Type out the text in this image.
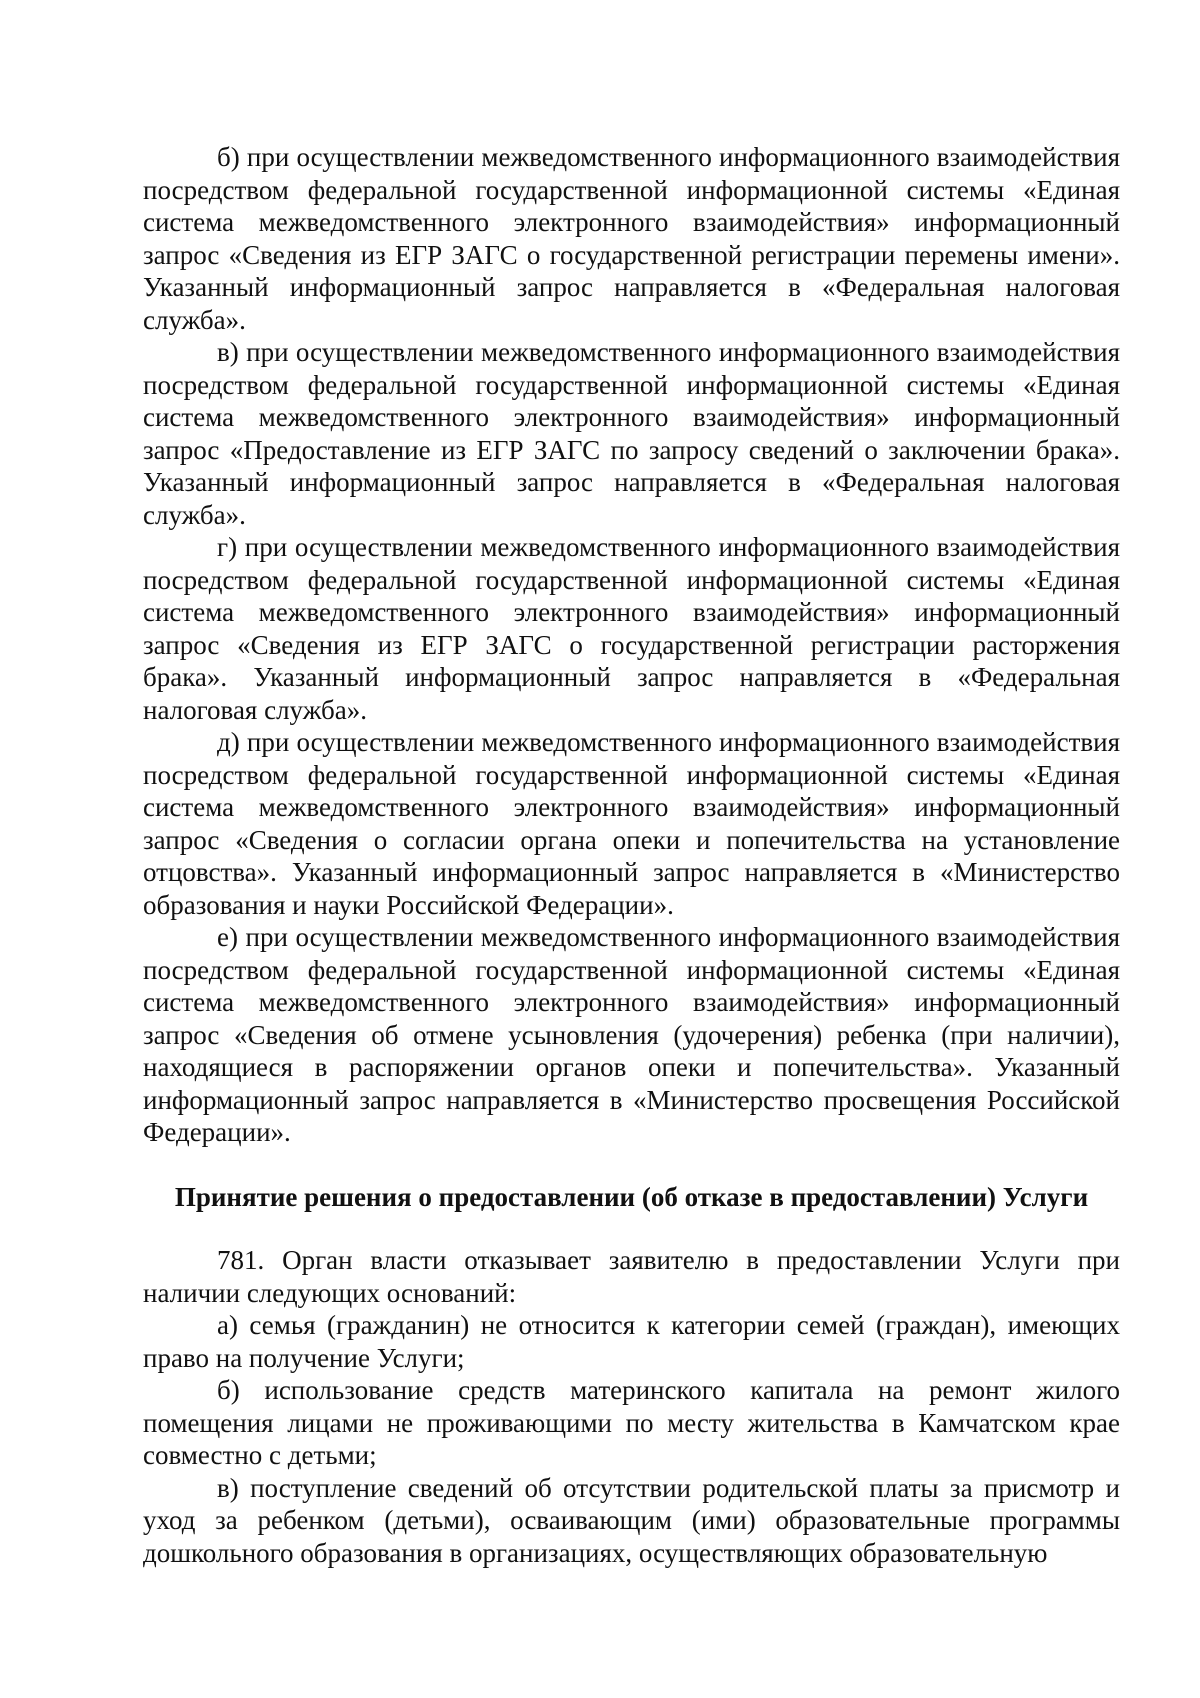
б) при осуществлении межведомственного информационного взаимодействия посредством федеральной государственной информационной системы «Единая система межведомственного электронного взаимодействия» информационный запрос «Сведения из ЕГР ЗАГС о государственной регистрации перемены имени». Указанный информационный запрос направляется в «Федеральная налоговая служба».

в) при осуществлении межведомственного информационного взаимодействия посредством федеральной государственной информационной системы «Единая система межведомственного электронного взаимодействия» информационный запрос «Предоставление из ЕГР ЗАГС по запросу сведений о заключении брака». Указанный информационный запрос направляется в «Федеральная налоговая служба».

г) при осуществлении межведомственного информационного взаимодействия посредством федеральной государственной информационной системы «Единая система межведомственного электронного взаимодействия» информационный запрос «Сведения из ЕГР ЗАГС о государственной регистрации расторжения брака». Указанный информационный запрос направляется в «Федеральная налоговая служба».

д) при осуществлении межведомственного информационного взаимодействия посредством федеральной государственной информационной системы «Единая система межведомственного электронного взаимодействия» информационный запрос «Сведения о согласии органа опеки и попечительства на установление отцовства». Указанный информационный запрос направляется в «Министерство образования и науки Российской Федерации».

е) при осуществлении межведомственного информационного взаимодействия посредством федеральной государственной информационной системы «Единая система межведомственного электронного взаимодействия» информационный запрос «Сведения об отмене усыновления (удочерения) ребенка (при наличии), находящиеся в распоряжении органов опеки и попечительства». Указанный информационный запрос направляется в «Министерство просвещения Российской Федерации».

Принятие решения о предоставлении (об отказе в предоставлении) Услуги

781. Орган власти отказывает заявителю в предоставлении Услуги при наличии следующих оснований:

а) семья (гражданин) не относится к категории семей (граждан), имеющих право на получение Услуги;

б) использование средств материнского капитала на ремонт жилого помещения лицами не проживающими по месту жительства в Камчатском крае совместно с детьми;

в) поступление сведений об отсутствии родительской платы за присмотр и уход за ребенком (детьми), осваивающим (ими) образовательные программы дошкольного образования в организациях, осуществляющих образовательную
